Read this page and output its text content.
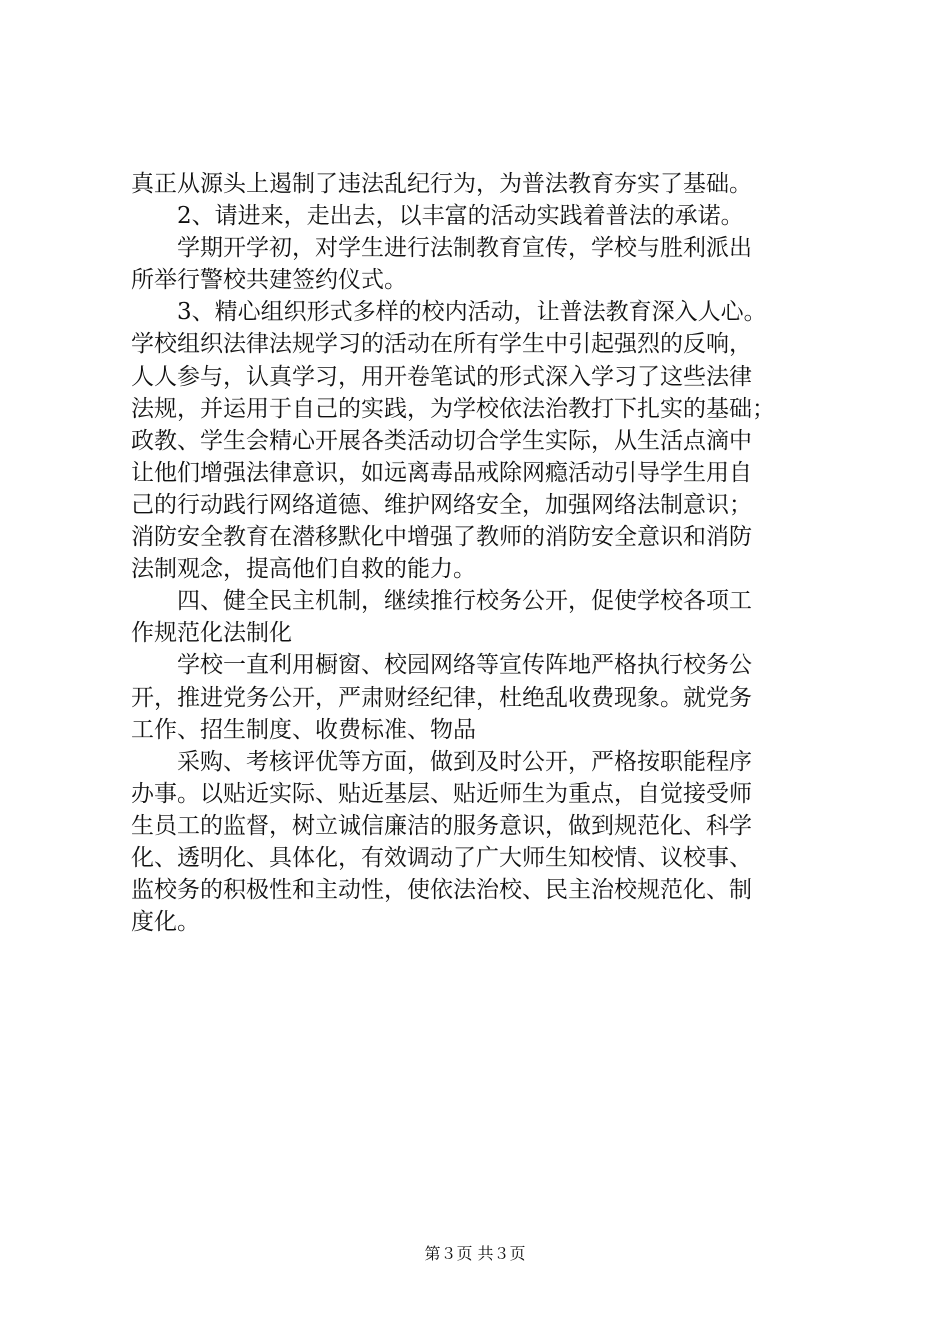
真正从源头上遏制了违法乱纪行为，为普法教育夯实了基础。
2、请进来，走出去，以丰富的活动实践着普法的承诺。
学期开学初，对学生进行法制教育宣传，学校与胜利派出
所举行警校共建签约仪式。
3、精心组织形式多样的校内活动，让普法教育深入人心。
学校组织法律法规学习的活动在所有学生中引起强烈的反响，
人人参与，认真学习，用开卷笔试的形式深入学习了这些法律
法规，并运用于自己的实践，为学校依法治教打下扎实的基础；
政教、学生会精心开展各类活动切合学生实际，从生活点滴中
让他们增强法律意识，如远离毒品戒除网瘾活动引导学生用自
己的行动践行网络道德、维护网络安全，加强网络法制意识；
消防安全教育在潜移默化中增强了教师的消防安全意识和消防
法制观念，提高他们自救的能力。
四、健全民主机制，继续推行校务公开，促使学校各项工
作规范化法制化
学校一直利用橱窗、校园网络等宣传阵地严格执行校务公
开，推进党务公开，严肃财经纪律，杜绝乱收费现象。就党务
工作、招生制度、收费标准、物品
采购、考核评优等方面，做到及时公开，严格按职能程序
办事。以贴近实际、贴近基层、贴近师生为重点，自觉接受师
生员工的监督，树立诚信廉洁的服务意识，做到规范化、科学
化、透明化、具体化，有效调动了广大师生知校情、议校事、
监校务的积极性和主动性，使依法治校、民主治校规范化、制
度化。
第３页 共３页
